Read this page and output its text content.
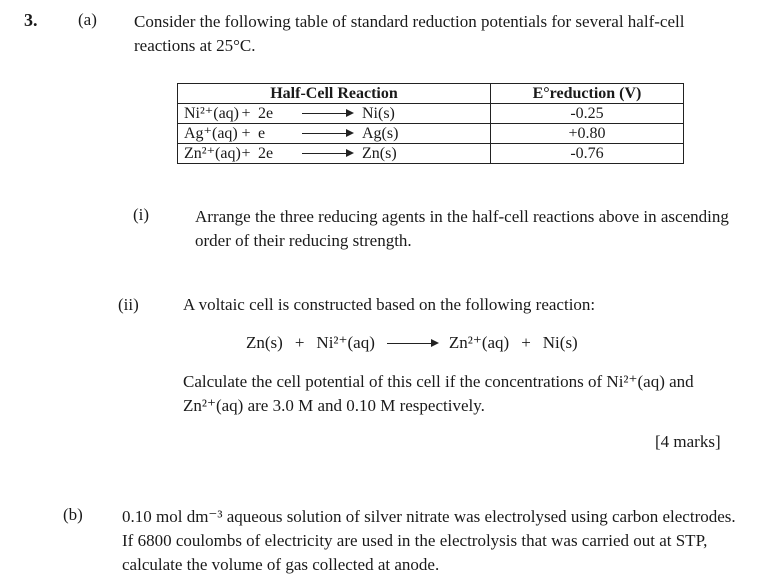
3. (a) Consider the following table of standard reduction potentials for several half-cell reactions at 25°C.
Half-Cell Reaction	E°reduction (V)

Ni²⁺(aq) + 2e Ni(s)	-0.25

Ag⁺(aq) + e Ag(s)	+0.80

Zn²⁺(aq) + 2e Zn(s)	-0.76
(i)	Arrange the three reducing agents in the half-cell reactions above in ascending order of their reducing strength.
(ii)	A voltaic cell is constructed based on the following reaction:
Zn(s) + Ni²⁺(aq)	Zn²⁺(aq) + Ni(s)
Calculate the cell potential of this cell if the concentrations of Ni²⁺(aq) and Zn²⁺(aq) are 3.0 M and 0.10 M respectively.
[4 marks]
(b) 0.10 mol dm⁻³ aqueous solution of silver nitrate was electrolysed using carbon electrodes. If 6800 coulombs of electricity are used in the electrolysis that was carried out at STP, calculate the volume of gas collected at anode.
